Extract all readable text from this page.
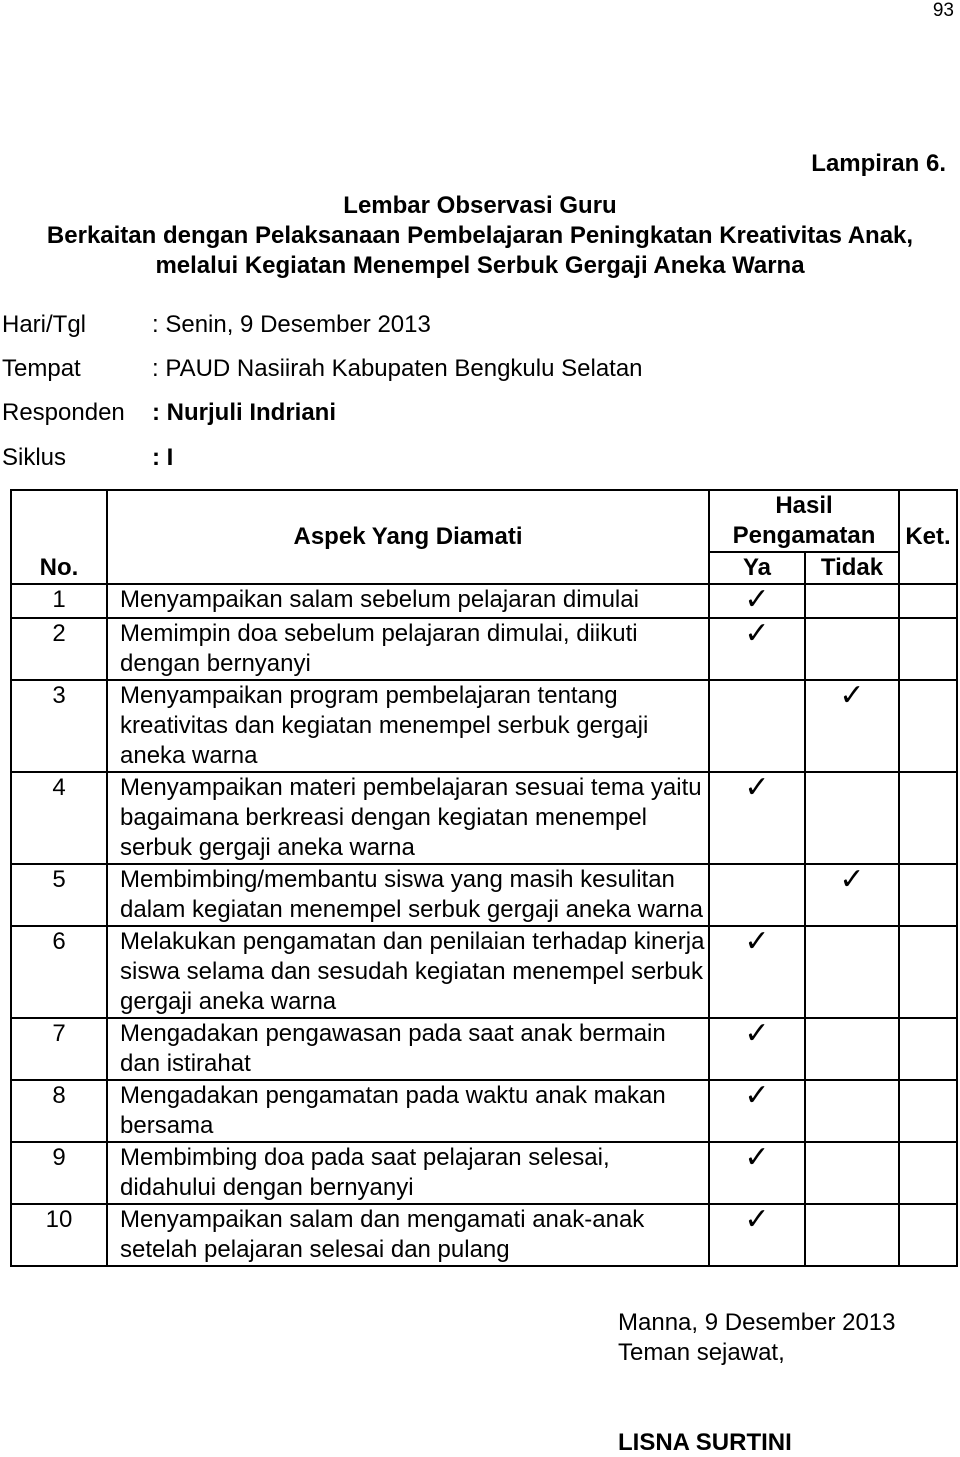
93
Lampiran 6.
Lembar Observasi Guru
Berkaitan dengan Pelaksanaan Pembelajaran Peningkatan Kreativitas Anak,
melalui Kegiatan Menempel Serbuk Gergaji Aneka Warna
Hari/Tgl	: Senin, 9 Desember 2013
Tempat	: PAUD Nasiirah Kabupaten Bengkulu Selatan
Responden : Nurjuli Indriani
Siklus	: I
No.	Aspek Yang Diamati	Hasil Pengamatan		Ket.
		Ya	Tidak	
1	Menyampaikan salam sebelum pelajaran dimulai	✓		
2	Memimpin doa sebelum pelajaran dimulai, diikuti dengan bernyanyi	✓		
3	Menyampaikan program pembelajaran tentang kreativitas dan kegiatan menempel serbuk gergaji aneka warna		✓	
4	Menyampaikan materi pembelajaran sesuai tema yaitu bagaimana berkreasi dengan kegiatan menempel serbuk gergaji aneka warna	✓		
5	Membimbing/membantu siswa yang masih kesulitan dalam kegiatan menempel serbuk gergaji aneka warna		✓	
6	Melakukan pengamatan dan penilaian terhadap kinerja siswa selama dan sesudah kegiatan menempel serbuk gergaji aneka warna	✓		
7	Mengadakan pengawasan pada saat anak bermain dan istirahat	✓		
8	Mengadakan pengamatan pada waktu anak makan bersama	✓		
9	Membimbing doa pada saat pelajaran selesai, didahului dengan bernyanyi	✓		
10	Menyampaikan salam dan mengamati anak-anak setelah pelajaran selesai dan pulang	✓		
Manna, 9 Desember 2013
Teman sejawat,
LISNA SURTINI
